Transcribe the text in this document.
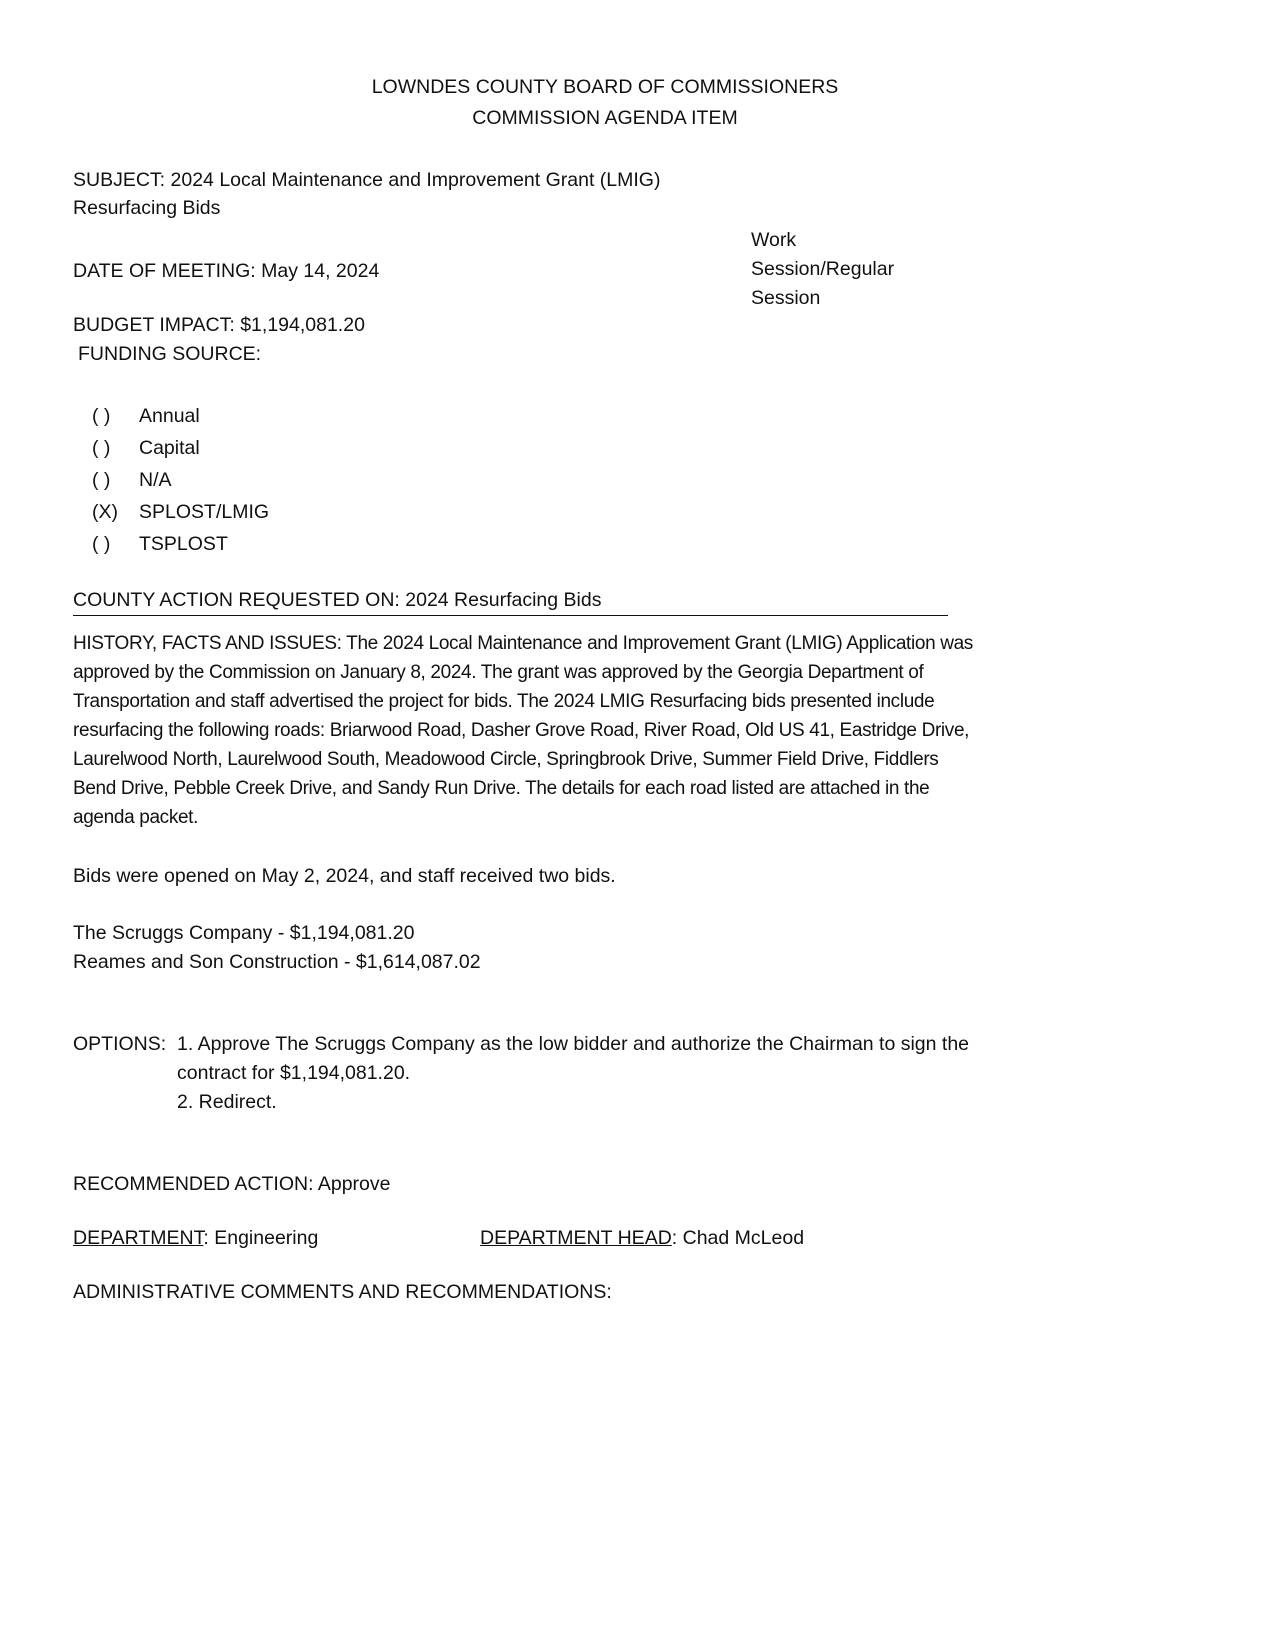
LOWNDES COUNTY BOARD OF COMMISSIONERS
COMMISSION AGENDA ITEM
SUBJECT: 2024 Local Maintenance and Improvement Grant (LMIG)
Resurfacing Bids
Work
Session/Regular
Session
DATE OF MEETING: May 14, 2024
BUDGET IMPACT: $1,194,081.20
FUNDING SOURCE:
( ) Annual
( ) Capital
( ) N/A
(X) SPLOST/LMIG
( ) TSPLOST
COUNTY ACTION REQUESTED ON: 2024 Resurfacing Bids
HISTORY, FACTS AND ISSUES: The 2024 Local Maintenance and Improvement Grant (LMIG) Application was
approved by the Commission on January 8, 2024. The grant was approved by the Georgia Department of
Transportation and staff advertised the project for bids. The 2024 LMIG Resurfacing bids presented include
resurfacing the following roads: Briarwood Road, Dasher Grove Road, River Road, Old US 41, Eastridge Drive,
Laurelwood North, Laurelwood South, Meadowood Circle, Springbrook Drive, Summer Field Drive, Fiddlers
Bend Drive, Pebble Creek Drive, and Sandy Run Drive. The details for each road listed are attached in the
agenda packet.
Bids were opened on May 2, 2024, and staff received two bids.
The Scruggs Company - $1,194,081.20
Reames and Son Construction - $1,614,087.02
OPTIONS: 1. Approve The Scruggs Company as the low bidder and authorize the Chairman to sign the
contract for $1,194,081.20.
2. Redirect.
RECOMMENDED ACTION: Approve
DEPARTMENT: Engineering	DEPARTMENT HEAD: Chad McLeod
ADMINISTRATIVE COMMENTS AND RECOMMENDATIONS:
